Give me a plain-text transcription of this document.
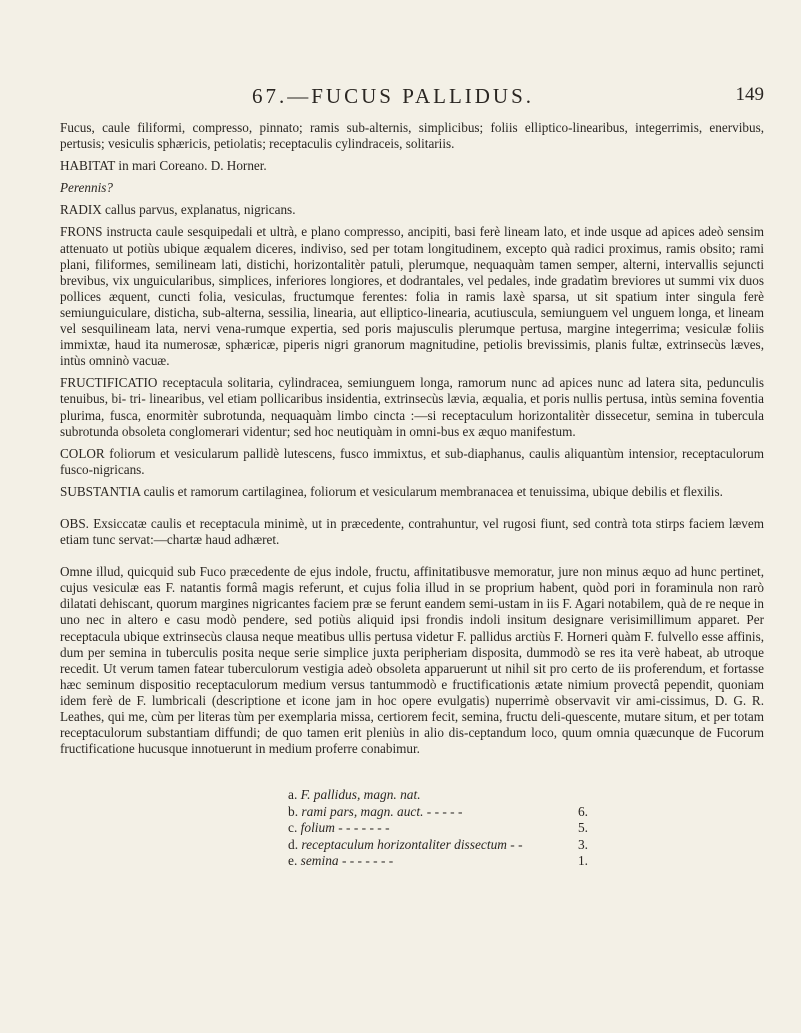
67.—FUCUS PALLIDUS.	149

Fucus, caule filiformi, compresso, pinnato; ramis sub-alternis, simplicibus; foliis elliptico-linearibus, integerrimis, enervibus, pertusis; vesiculis sphæricis, petiolatis; receptaculis cylindraceis, solitariis.

HABITAT in mari Coreano. D. Horner.

Perennis?

RADIX callus parvus, explanatus, nigricans.

FRONS instructa caule sesquipedali et ultrà, e plano compresso, ancipiti, basi ferè lineam lato, et inde usque ad apices adeò sensim attenuato ut potiùs ubique æqualem diceres, indiviso, sed per totam longitudinem, excepto quà radici proximus, ramis obsito; rami plani, filiformes, semilineam lati, distichi, horizontalitèr patuli, plerumque, nequaquàm tamen semper, alterni, intervallis sejuncti brevibus, vix unguicularibus, simplices, inferiores longiores, et dodrantales, vel pedales, inde gradatìm breviores ut summi vix duos pollices æquent, cuncti folia, vesiculas, fructumque ferentes: folia in ramis laxè sparsa, ut sit spatium inter singula ferè semiunguiculare, disticha, sub-alterna, sessilia, linearia, aut elliptico-linearia, acutiuscula, semiunguem vel unguem longa, et lineam vel sesquilineam lata, nervi vena-rumque expertia, sed poris majusculis plerumque pertusa, margine integerrima; vesiculæ foliis immixtæ, haud ita numerosæ, sphæricæ, piperis nigri granorum magnitudine, petiolis brevissimis, planis fultæ, extrinsecùs læves, intùs omninò vacuæ.

FRUCTIFICATIO receptacula solitaria, cylindracea, semiunguem longa, ramorum nunc ad apices nunc ad latera sita, pedunculis tenuibus, bi- tri- linearibus, vel etiam pollicaribus insidentia, extrinsecùs lævia, æqualia, et poris nullis pertusa, intùs semina foventia plurima, fusca, enormitèr subrotunda, nequaquàm limbo cincta :—si receptaculum horizontalitèr dissecetur, semina in tubercula subrotunda obsoleta conglomerari videntur; sed hoc neutiquàm in omni-bus ex æquo manifestum.

COLOR foliorum et vesicularum pallidè lutescens, fusco immixtus, et sub-diaphanus, caulis aliquantùm intensior, receptaculorum fusco-nigricans.

SUBSTANTIA caulis et ramorum cartilaginea, foliorum et vesicularum membranacea et tenuissima, ubique debilis et flexilis.

OBS. Exsiccatæ caulis et receptacula minimè, ut in præcedente, contrahuntur, vel rugosi fiunt, sed contrà tota stirps faciem lævem etiam tunc servat:—chartæ haud adhæret.

Omne illud, quicquid sub Fuco præcedente de ejus indole, fructu, affinitatibusve memoratur, jure non minus æquo ad hunc pertinet, cujus vesiculæ eas F. natantis formâ magis referunt, et cujus folia illud in se proprium habent, quòd pori in foraminula non rarò dilatati dehiscant, quorum margines nigricantes faciem præ se ferunt eandem semi-ustam in iis F. Agari notabilem, quà de re neque in uno nec in altero e casu modò pendere, sed potiùs aliquid ipsi frondis indoli insitum designare verisimillimum apparet. Per receptacula ubique extrinsecùs clausa neque meatibus ullis pertusa videtur F. pallidus arctiùs F. Horneri quàm F. fulvello esse affinis, dum per semina in tuberculis posita neque serie simplice juxta peripheriam disposita, dummodò se res ita verè habeat, ab utroque recedit. Ut verum tamen fatear tuberculorum vestigia adeò obsoleta apparuerunt ut nihil sit pro certo de iis proferendum, et fortasse hæc seminum dispositio receptaculorum medium versus tantummodò e fructificationis ætate nimium provectâ pependit, quoniam idem ferè de F. lumbricali (descriptione et icone jam in hoc opere evulgatis) nuperrimè observavit vir ami-cissimus, D. G. R. Leathes, qui me, cùm per literas tùm per exemplaria missa, certiorem fecit, semina, fructu deli-quescente, mutare situm, et per totam receptaculorum substantiam diffundi; de quo tamen erit pleniùs in alio dis-ceptandum loco, quum omnia quæcunque de Fucorum fructificatione hucusque innotuerunt in medium proferre conabimur.

a. F. pallidus, magn. nat.
b. rami pars, magn. auct. - - - - -	6.
c. folium - - - - - - -	5.
d. receptaculum horizontaliter dissectum - -	3.
e. semina - - - - - - -	1.
